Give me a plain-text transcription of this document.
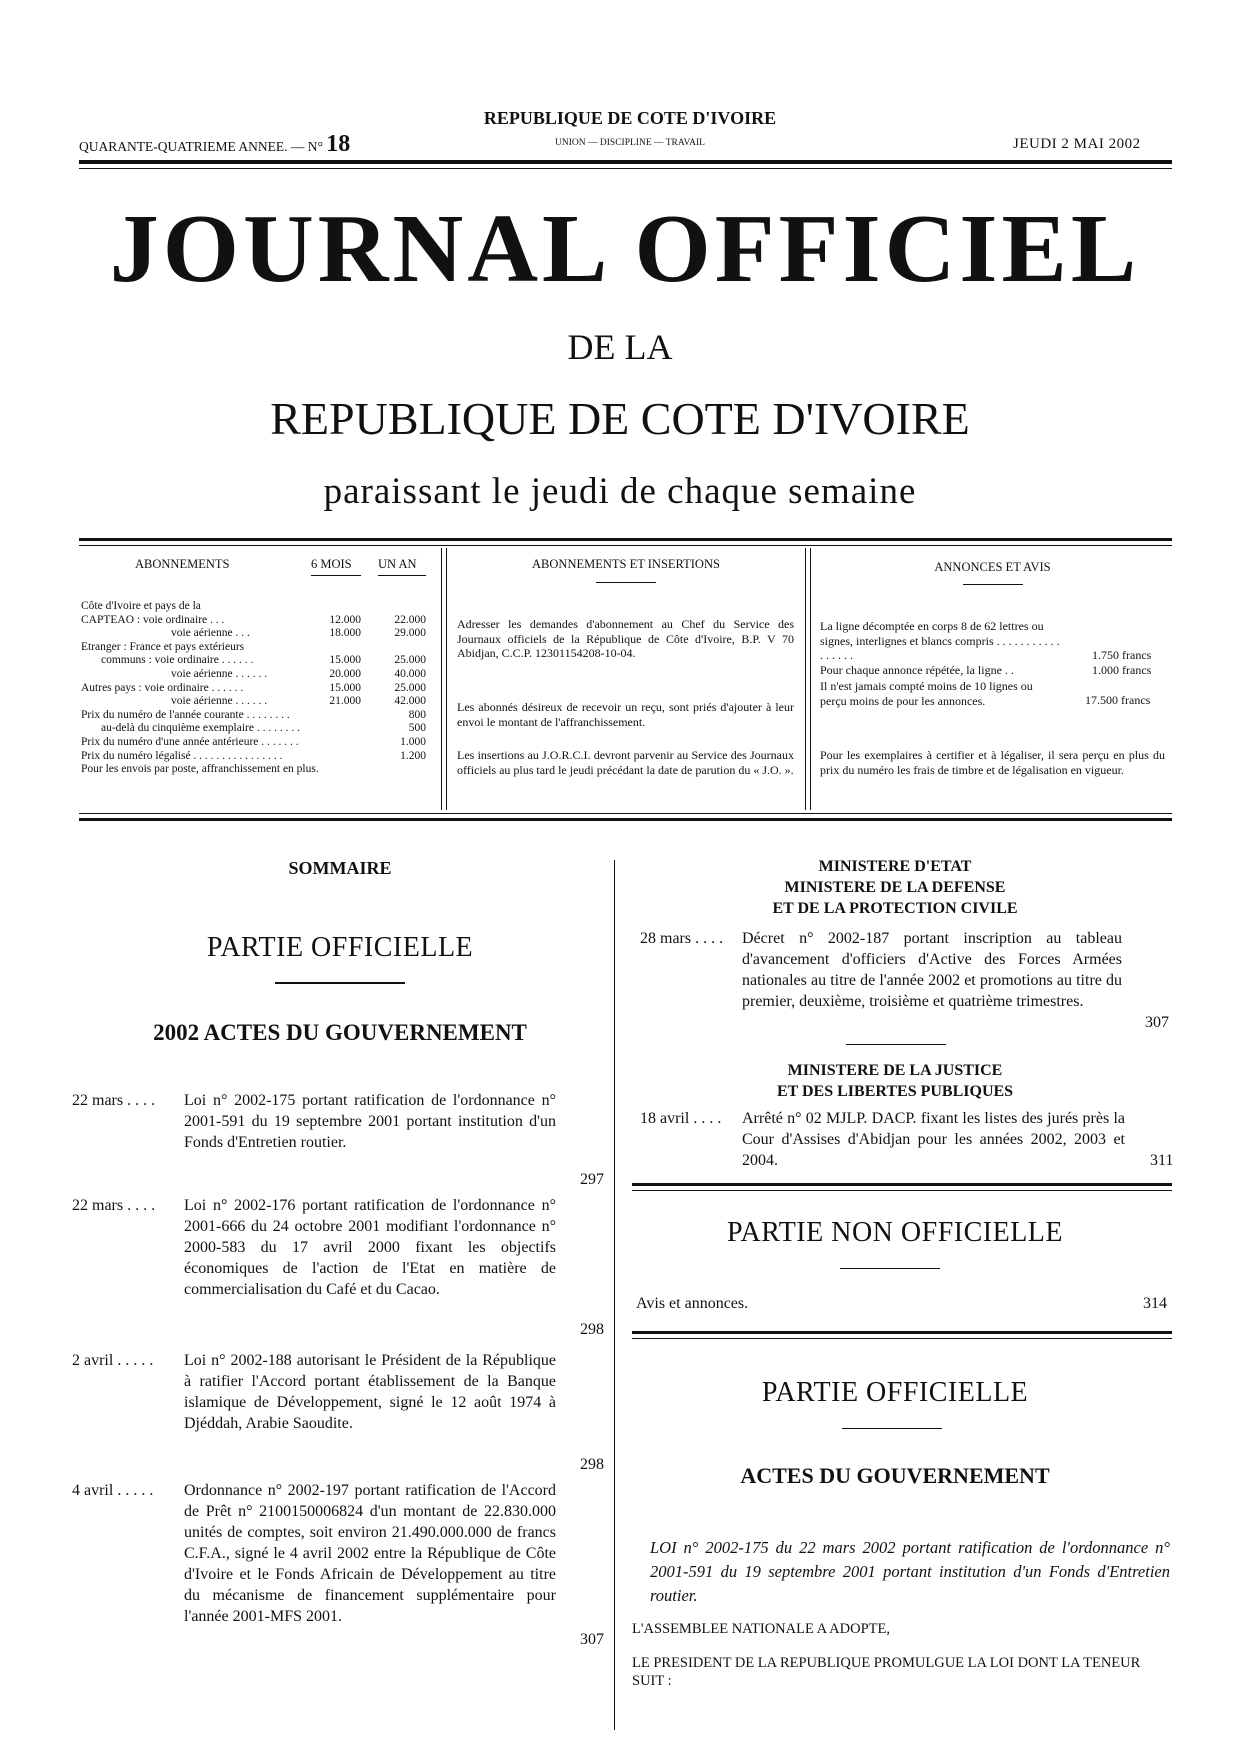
QUARANTE-QUATRIEME ANNEE. — N° 18
REPUBLIQUE DE COTE D'IVOIRE
UNION — DISCIPLINE — TRAVAIL	JEUDI 2 MAI 2002
JOURNAL OFFICIEL
DE LA
REPUBLIQUE DE COTE D'IVOIRE
paraissant le jeudi de chaque semaine
ABONNEMENTS	6 MOIS UN AN
Côte d'Ivoire et pays de la
CAPTEAO : voie ordinaire . . .	12.000	22.000
voie aérienne . . .	18.000	29.000
Etranger : France et pays extérieurs
communs : voie ordinaire . . . . . .	15.000	25.000
voie aérienne . . . . . .	20.000	40.000
Autres pays : voie ordinaire . . . . . .	15.000	25.000
voie aérienne . . . . . .	21.000	42.000
Prix du numéro de l'année courante . . . . . . . .	800
au-delà du cinquième exemplaire . . . . . . . .	500
Prix du numéro d'une année antérieure . . . . . . .	1.000
Prix du numéro légalisé . . . . . . . . . . . . . . . .	1.200
Pour les envois par poste, affranchissement en plus.
ABONNEMENTS ET INSERTIONS
Adresser les demandes d'abonnement au Chef du Service des Journaux officiels de la République de Côte d'Ivoire, B.P. V 70 Abidjan, C.C.P. 12301154208-10-04.
Les abonnés désireux de recevoir un reçu, sont priés d'ajouter à leur envoi le montant de l'affranchissement.
Les insertions au J.O.R.C.I. devront parvenir au Service des Journaux officiels au plus tard le jeudi précédant la date de parution du « J.O. ».
ANNONCES ET AVIS
La ligne décomptée en corps 8 de 62 lettres ou signes, interlignes et blancs compris . . . . . . . . . . . . . . . . .	1.750 francs
Pour chaque annonce répétée, la ligne . .	1.000 francs
Il n'est jamais compté moins de 10 lignes ou perçu moins de pour les annonces.	17.500 francs
Pour les exemplaires à certifier et à légaliser, il sera perçu en plus du prix du numéro les frais de timbre et de légalisation en vigueur.
SOMMAIRE
PARTIE OFFICIELLE
2002 ACTES DU GOUVERNEMENT
22 mars . . . . Loi n° 2002-175 portant ratification de l'ordonnance n° 2001-591 du 19 septembre 2001 portant institution d'un Fonds d'Entretien routier.
297
22 mars . . . . Loi n° 2002-176 portant ratification de l'ordonnance n° 2001-666 du 24 octobre 2001 modifiant l'ordonnance n° 2000-583 du 17 avril 2000 fixant les objectifs économiques de l'action de l'Etat en matière de commercialisation du Café et du Cacao.
298
2 avril . . . . . Loi n° 2002-188 autorisant le Président de la République à ratifier l'Accord portant établissement de la Banque islamique de Développement, signé le 12 août 1974 à Djéddah, Arabie Saoudite.
298
4 avril . . . . . Ordonnance n° 2002-197 portant ratification de l'Accord de Prêt n° 2100150006824 d'un montant de 22.830.000 unités de comptes, soit environ 21.490.000.000 de francs C.F.A., signé le 4 avril 2002 entre la République de Côte d'Ivoire et le Fonds Africain de Développement au titre du mécanisme de financement supplémentaire pour l'année 2001-MFS 2001.
307
MINISTERE D'ETAT
MINISTERE DE LA DEFENSE
ET DE LA PROTECTION CIVILE
28 mars . . . . Décret n° 2002-187 portant inscription au tableau d'avancement d'officiers d'Active des Forces Armées nationales au titre de l'année 2002 et promotions au titre du premier, deuxième, troisième et quatrième trimestres.
307
MINISTERE DE LA JUSTICE
ET DES LIBERTES PUBLIQUES
18 avril . . . . Arrêté n° 02 MJLP. DACP. fixant les listes des jurés près la Cour d'Assises d'Abidjan pour les années 2002, 2003 et 2004.	311
PARTIE NON OFFICIELLE
Avis et annonces.	314
PARTIE OFFICIELLE
ACTES DU GOUVERNEMENT
LOI n° 2002-175 du 22 mars 2002 portant ratification de l'ordonnance n° 2001-591 du 19 septembre 2001 portant institution d'un Fonds d'Entretien routier.
L'ASSEMBLEE NATIONALE A ADOPTE,
LE PRESIDENT DE LA REPUBLIQUE PROMULGUE LA LOI DONT LA TENEUR SUIT :
